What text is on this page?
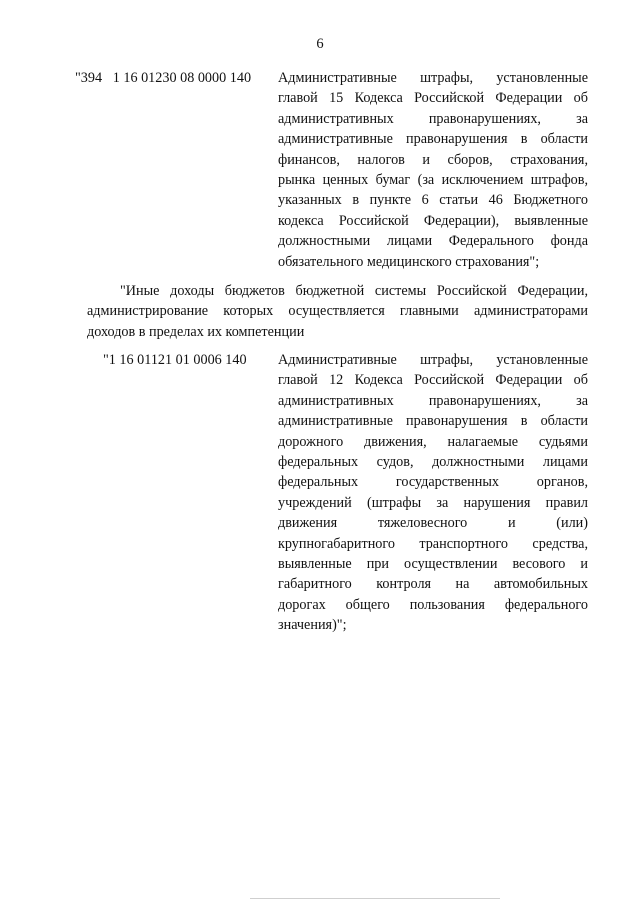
6
"394   1 16 01230 08 0000 140 Административные штрафы, установленные
главой 15 Кодекса Российской Федерации об
административных правонарушениях, за
административные правонарушения в области
финансов, налогов и сборов, страхования,
рынка ценных бумаг (за исключением штрафов,
указанных в пункте 6 статьи 46 Бюджетного
кодекса Российской Федерации), выявленные
должностными лицами Федерального фонда
обязательного медицинского страхования";
"Иные доходы бюджетов бюджетной системы Российской Федерации,
администрирование которых осуществляется главными администраторами
доходов в пределах их компетенции
"1 16 01121 01 0006 140 Административные штрафы, установленные
главой 12 Кодекса Российской Федерации об
административных правонарушениях, за
административные правонарушения в области
дорожного движения, налагаемые судьями
федеральных судов, должностными лицами
федеральных государственных органов,
учреждений (штрафы за нарушения правил
движения тяжеловесного и (или)
крупногабаритного транспортного средства,
выявленные при осуществлении весового и
габаритного контроля на автомобильных
дорогах общего пользования федерального
значения)";
